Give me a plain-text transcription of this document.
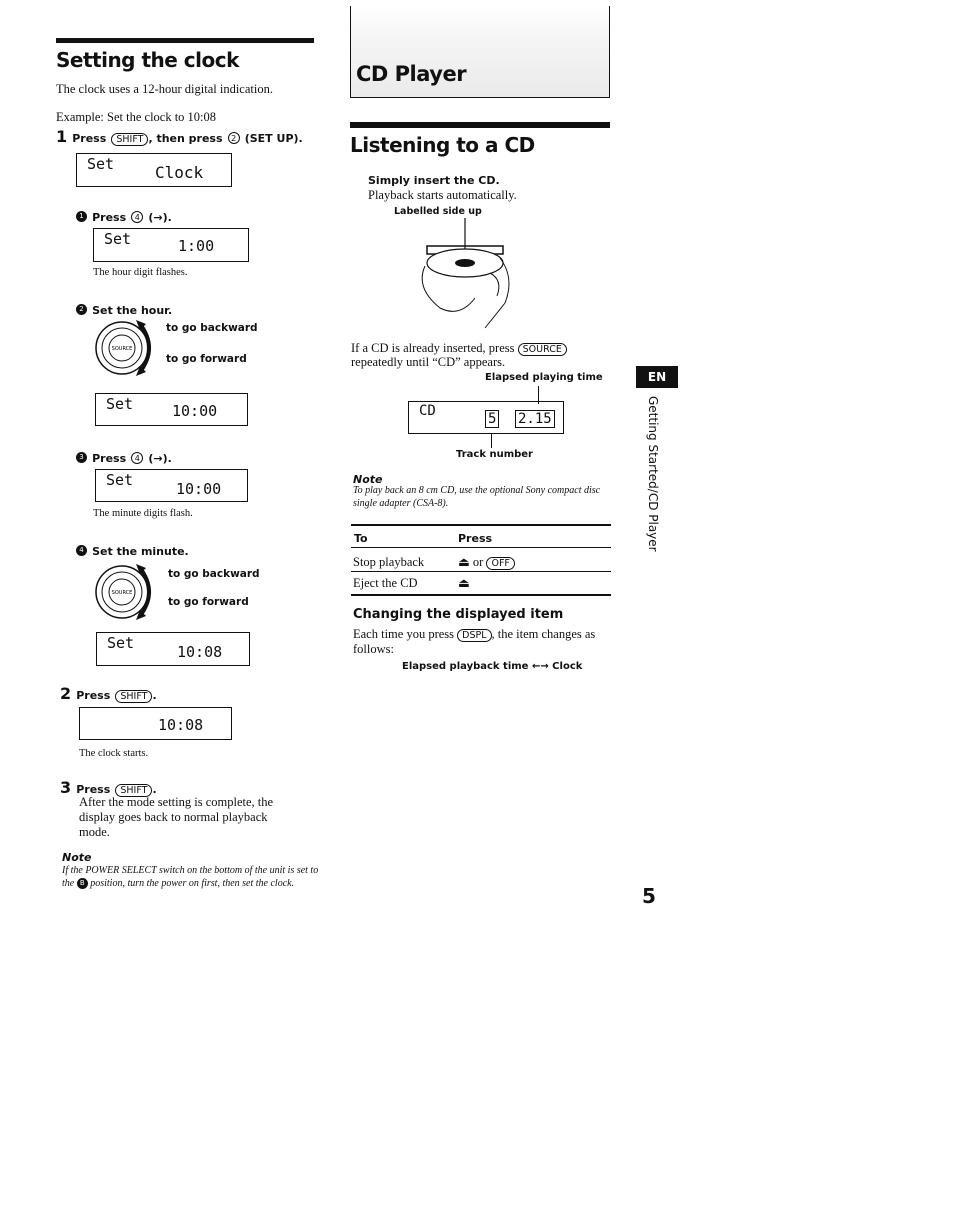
Setting the clock
The clock uses a 12-hour digital indication.
Example: Set the clock to 10:08
1 Press SHIFT , then press 2 (SET UP).
Set	Clock
1 Press 4 (→).
Set	1:00
The hour digit flashes.
2 Set the hour.
SOURCE
to go backward
to go forward
Set	10:00
3 Press 4 (→).
Set	10:00
The minute digits flash.
4 Set the minute.
SOURCE
to go backward
to go forward
Set	10:08
2 Press SHIFT .
10:08
The clock starts.
3 Press SHIFT .
After the mode setting is complete, the display goes back to normal playback mode.
Note
If the POWER SELECT switch on the bottom of the unit is set to the B position, turn the power on first, then set the clock.
CD Player
Listening to a CD
Simply insert the CD.
Playback starts automatically.
Labelled side up
If a CD is already inserted, press SOURCE
repeatedly until “CD” appears.
Elapsed playing time
CD	5 2.15
Track number
Note
To play back an 8 cm CD, use the optional Sony compact disc single adapter (CSA-8).
To	Press
Stop playback	⏏ or OFF
Eject the CD	⏏
Changing the displayed item
Each time you press DSPL , the item changes as follows:
Elapsed playback time ←→ Clock
EN
Getting Started/CD Player
5
